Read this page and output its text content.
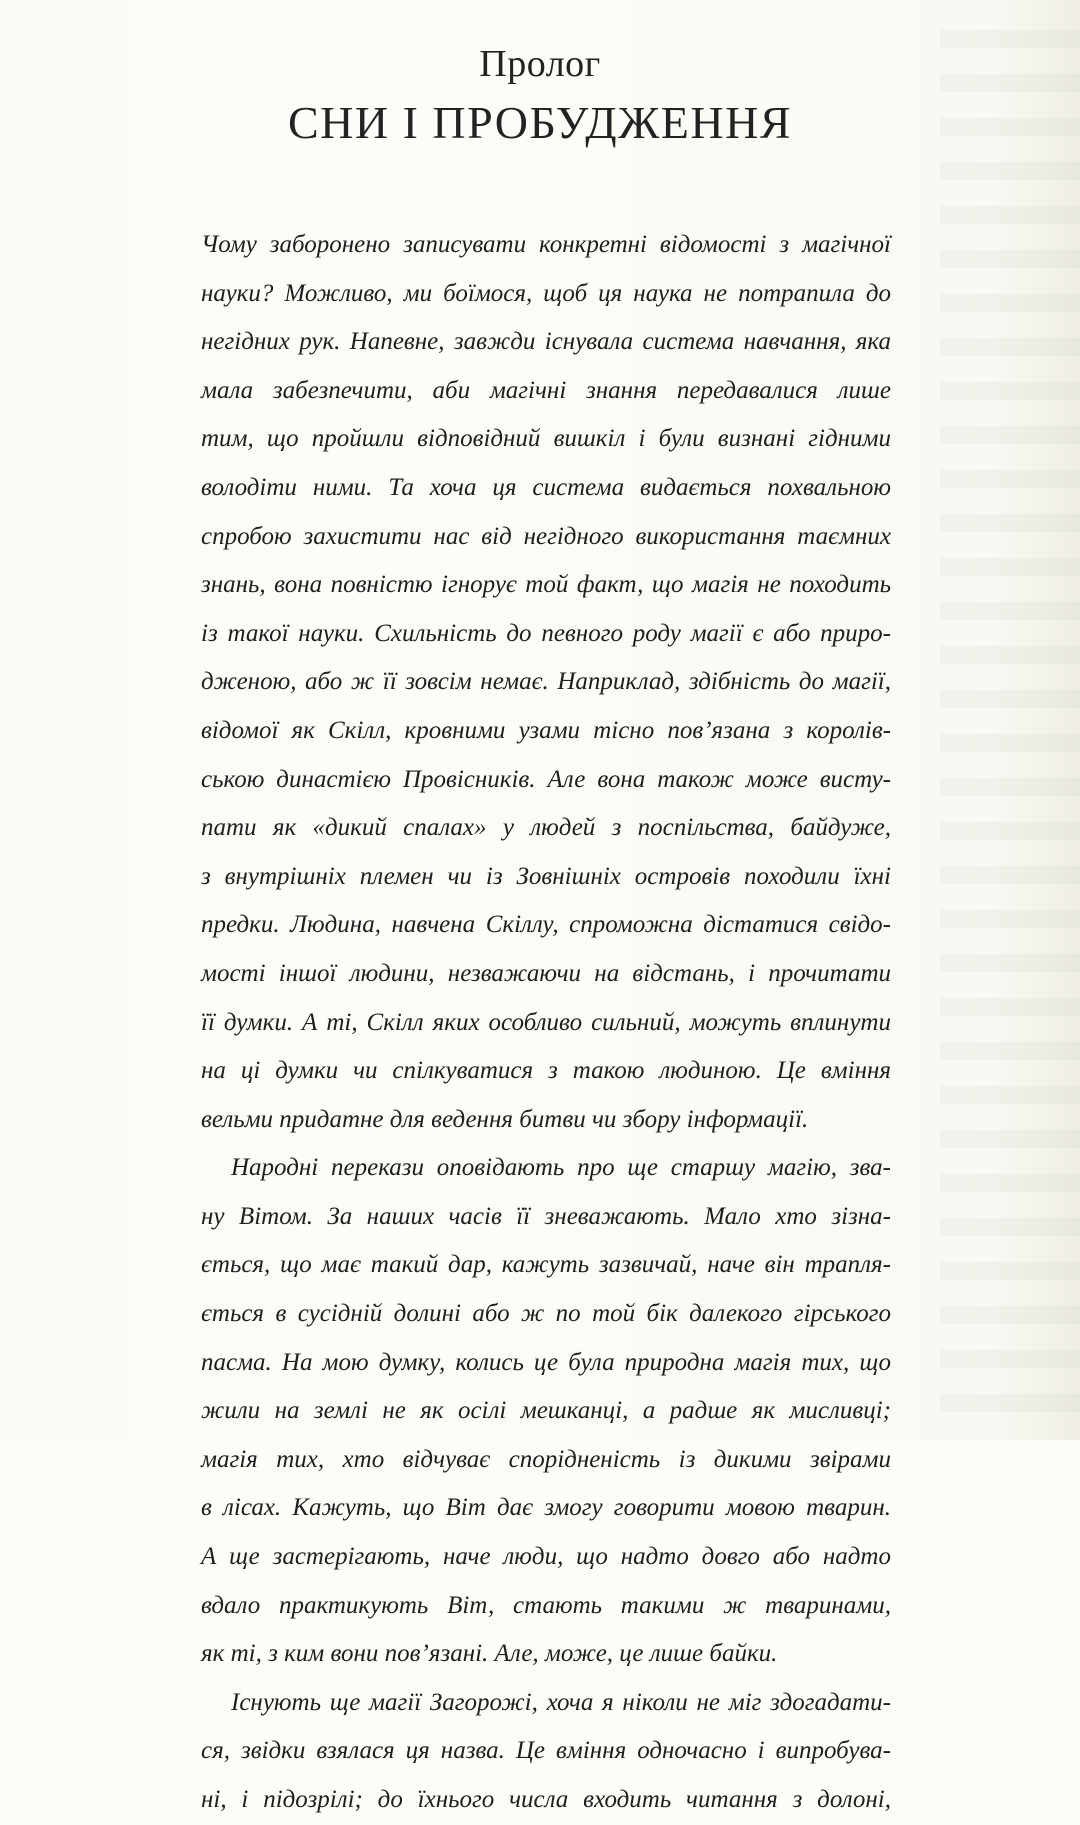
Пролог
СНИ І ПРОБУДЖЕННЯ
Чому заборонено записувати конкретні відомості з магічної
науки? Можливо, ми боїмося, щоб ця наука не потрапила до
негідних рук. Напевне, завжди існувала система навчання, яка
мала забезпечити, аби магічні знання передавалися лише
тим, що пройшли відповідний вишкіл і були визнані гідними
володіти ними. Та хоча ця система видається похвальною
спробою захистити нас від негідного використання таємних
знань, вона повністю ігнорує той факт, що магія не походить
із такої науки. Схильність до певного роду магії є або приро-
дженою, або ж її зовсім немає. Наприклад, здібність до магії,
відомої як Скілл, кровними узами тісно пов’язана з королів-
ською династією Провісників. Але вона також може висту-
пати як «дикий спалах» у людей з поспільства, байдуже,
з внутрішніх племен чи із Зовнішніх островів походили їхні
предки. Людина, навчена Скіллу, спроможна дістатися свідо-
мості іншої людини, незважаючи на відстань, і прочитати
її думки. А ті, Скілл яких особливо сильний, можуть вплинути
на ці думки чи спілкуватися з такою людиною. Це вміння
вельми придатне для ведення битви чи збору інформації.
Народні перекази оповідають про ще старшу магію, зва-
ну Вітом. За наших часів її зневажають. Мало хто зізна-
ється, що має такий дар, кажуть зазвичай, наче він трапля-
ється в сусідній долині або ж по той бік далекого гірського
пасма. На мою думку, колись це була природна магія тих, що
жили на землі не як осілі мешканці, а радше як мисливці;
магія тих, хто відчуває спорідненість із дикими звірами
в лісах. Кажуть, що Віт дає змогу говорити мовою тварин.
А ще застерігають, наче люди, що надто довго або надто
вдало практикують Віт, стають такими ж тваринами,
як ті, з ким вони пов’язані. Але, може, це лише байки.
Існують ще магії Загорожі, хоча я ніколи не міг здогадати-
ся, звідки взялася ця назва. Це вміння одночасно і випробува-
ні, і підозрілі; до їхнього числа входить читання з долоні,
